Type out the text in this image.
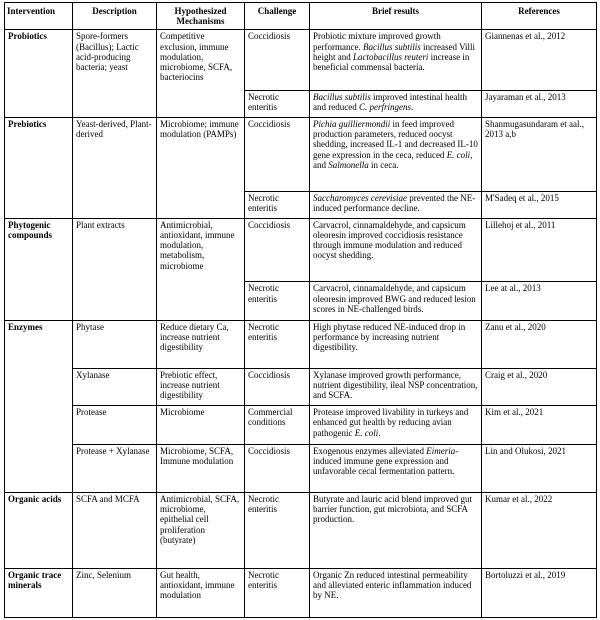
Intervention	Description	Hypothesized Mechanisms	Challenge	Brief results	References
Probiotics	Spore-formers (Bacillus); Lactic acid-producing bacteria; yeast	Competitive exclusion, immune modulation, microbiome, SCFA, bacteriocins	Coccidiosis	Probiotic mixture improved growth performance. Bacillus subtilis increased Villi height and Lactobacillus reuteri increase in beneficial commensal bacteria.	Giannenas et al., 2012
			Necrotic enteritis	Bacillus subtilis improved intestinal health and reduced C. perfringens.	Jayaraman et al., 2013
Prebiotics	Yeast-derived, Plant-derived	Microbiome; immune modulation (PAMPs)	Coccidiosis	Pichia guilliermondii in feed improved production parameters, reduced oocyst shedding, increased IL-1 and decreased IL-10 gene expression in the ceca, reduced E. coli, and Salmonella in ceca.	Shanmugasundaram et aal., 2013 a,b
			Necrotic enteritis	Saccharomyces cerevisiae prevented the NE-induced performance decline.	M'Sadeq et al., 2015
Phytogenic compounds	Plant extracts	Antimicrobial, antioxidant, immune modulation, metabolism, microbiome	Coccidiosis	Carvacrol, cinnamaldehyde, and capsicum oleoresin improved coccidiosis resistance through immune modulation and reduced oocyst shedding.	Lillehoj et al., 2011
			Necrotic enteritis	Carvacrol, cinnamaldehyde, and capsicum oleoresin improved BWG and reduced lesion scores in NE-challenged birds.	Lee at al., 2013
Enzymes	Phytase	Reduce dietary Ca, increase nutrient digestibility	Necrotic enteritis	High phytase reduced NE-induced drop in performance by increasing nutrient digestibility.	Zanu et al., 2020
	Xylanase	Prebiotic effect, increase nutrient digestibility	Coccidiosis	Xylanase improved growth performance, nutrient digestibility, ileal NSP concentration, and SCFA.	Craig et al., 2020
	Protease	Microbiome	Commercial conditions	Protease improved livability in turkeys and enhanced gut health by reducing avian pathogenic E. coli.	Kim et al., 2021
	Protease + Xylanase	Microbiome, SCFA, Immune modulation	Coccidiosis	Exogenous enzymes alleviated Eimeria-induced immune gene expression and unfavorable cecal fermentation pattern.	Lin and Olukosi, 2021
Organic acids	SCFA and MCFA	Antimicrobial, SCFA, microbiome, epithelial cell proliferation (butyrate)	Necrotic enteritis	Butyrate and lauric acid blend improved gut barrier function, gut microbiota, and SCFA production.	Kumar et al., 2022
Organic trace minerals	Zinc, Selenium	Gut health, antioxidant, immune modulation	Necrotic enteritis	Organic Zn reduced intestinal permeability and alleviated enteric inflammation induced by NE.	Bortoluzzi et al., 2019
